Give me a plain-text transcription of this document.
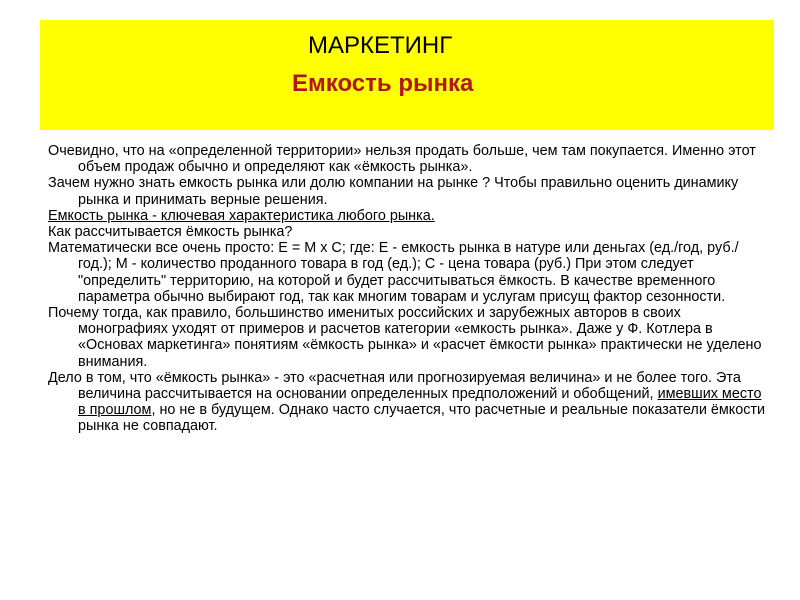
МАРКЕТИНГ
Емкость рынка

Очевидно, что на «определенной территории» нельзя продать больше, чем там покупается. Именно этот объем продаж обычно и определяют как «ёмкость рынка».

Зачем нужно знать емкость рынка или долю компании на рынке ? Чтобы правильно оценить динамику рынка и принимать верные решения.

Емкость рынка - ключевая характеристика любого рынка.

Как рассчитывается ёмкость рынка?

Математически все очень просто: Е = М х С; где: Е - емкость рынка в натуре или деньгах (ед./год, руб./год.); М - количество проданного товара в год (ед.); С - цена товара (руб.) При этом следует "определить" территорию, на которой и будет рассчитываться ёмкость. В качестве временного параметра обычно выбирают год, так как многим товарам и услугам присущ фактор сезонности.

Почему тогда, как правило, большинство именитых российских и зарубежных авторов в своих монографиях уходят от примеров и расчетов категории «емкость рынка». Даже у Ф. Котлера в «Основах маркетинга» понятиям «ёмкость рынка» и «расчет ёмкости рынка» практически не уделено внимания.

Дело в том, что «ёмкость рынка» - это «расчетная или прогнозируемая величина» и не более того. Эта величина рассчитывается на основании определенных предположений и обобщений, имевших место в прошлом, но не в будущем. Однако часто случается, что расчетные и реальные показатели ёмкости рынка не совпадают.
